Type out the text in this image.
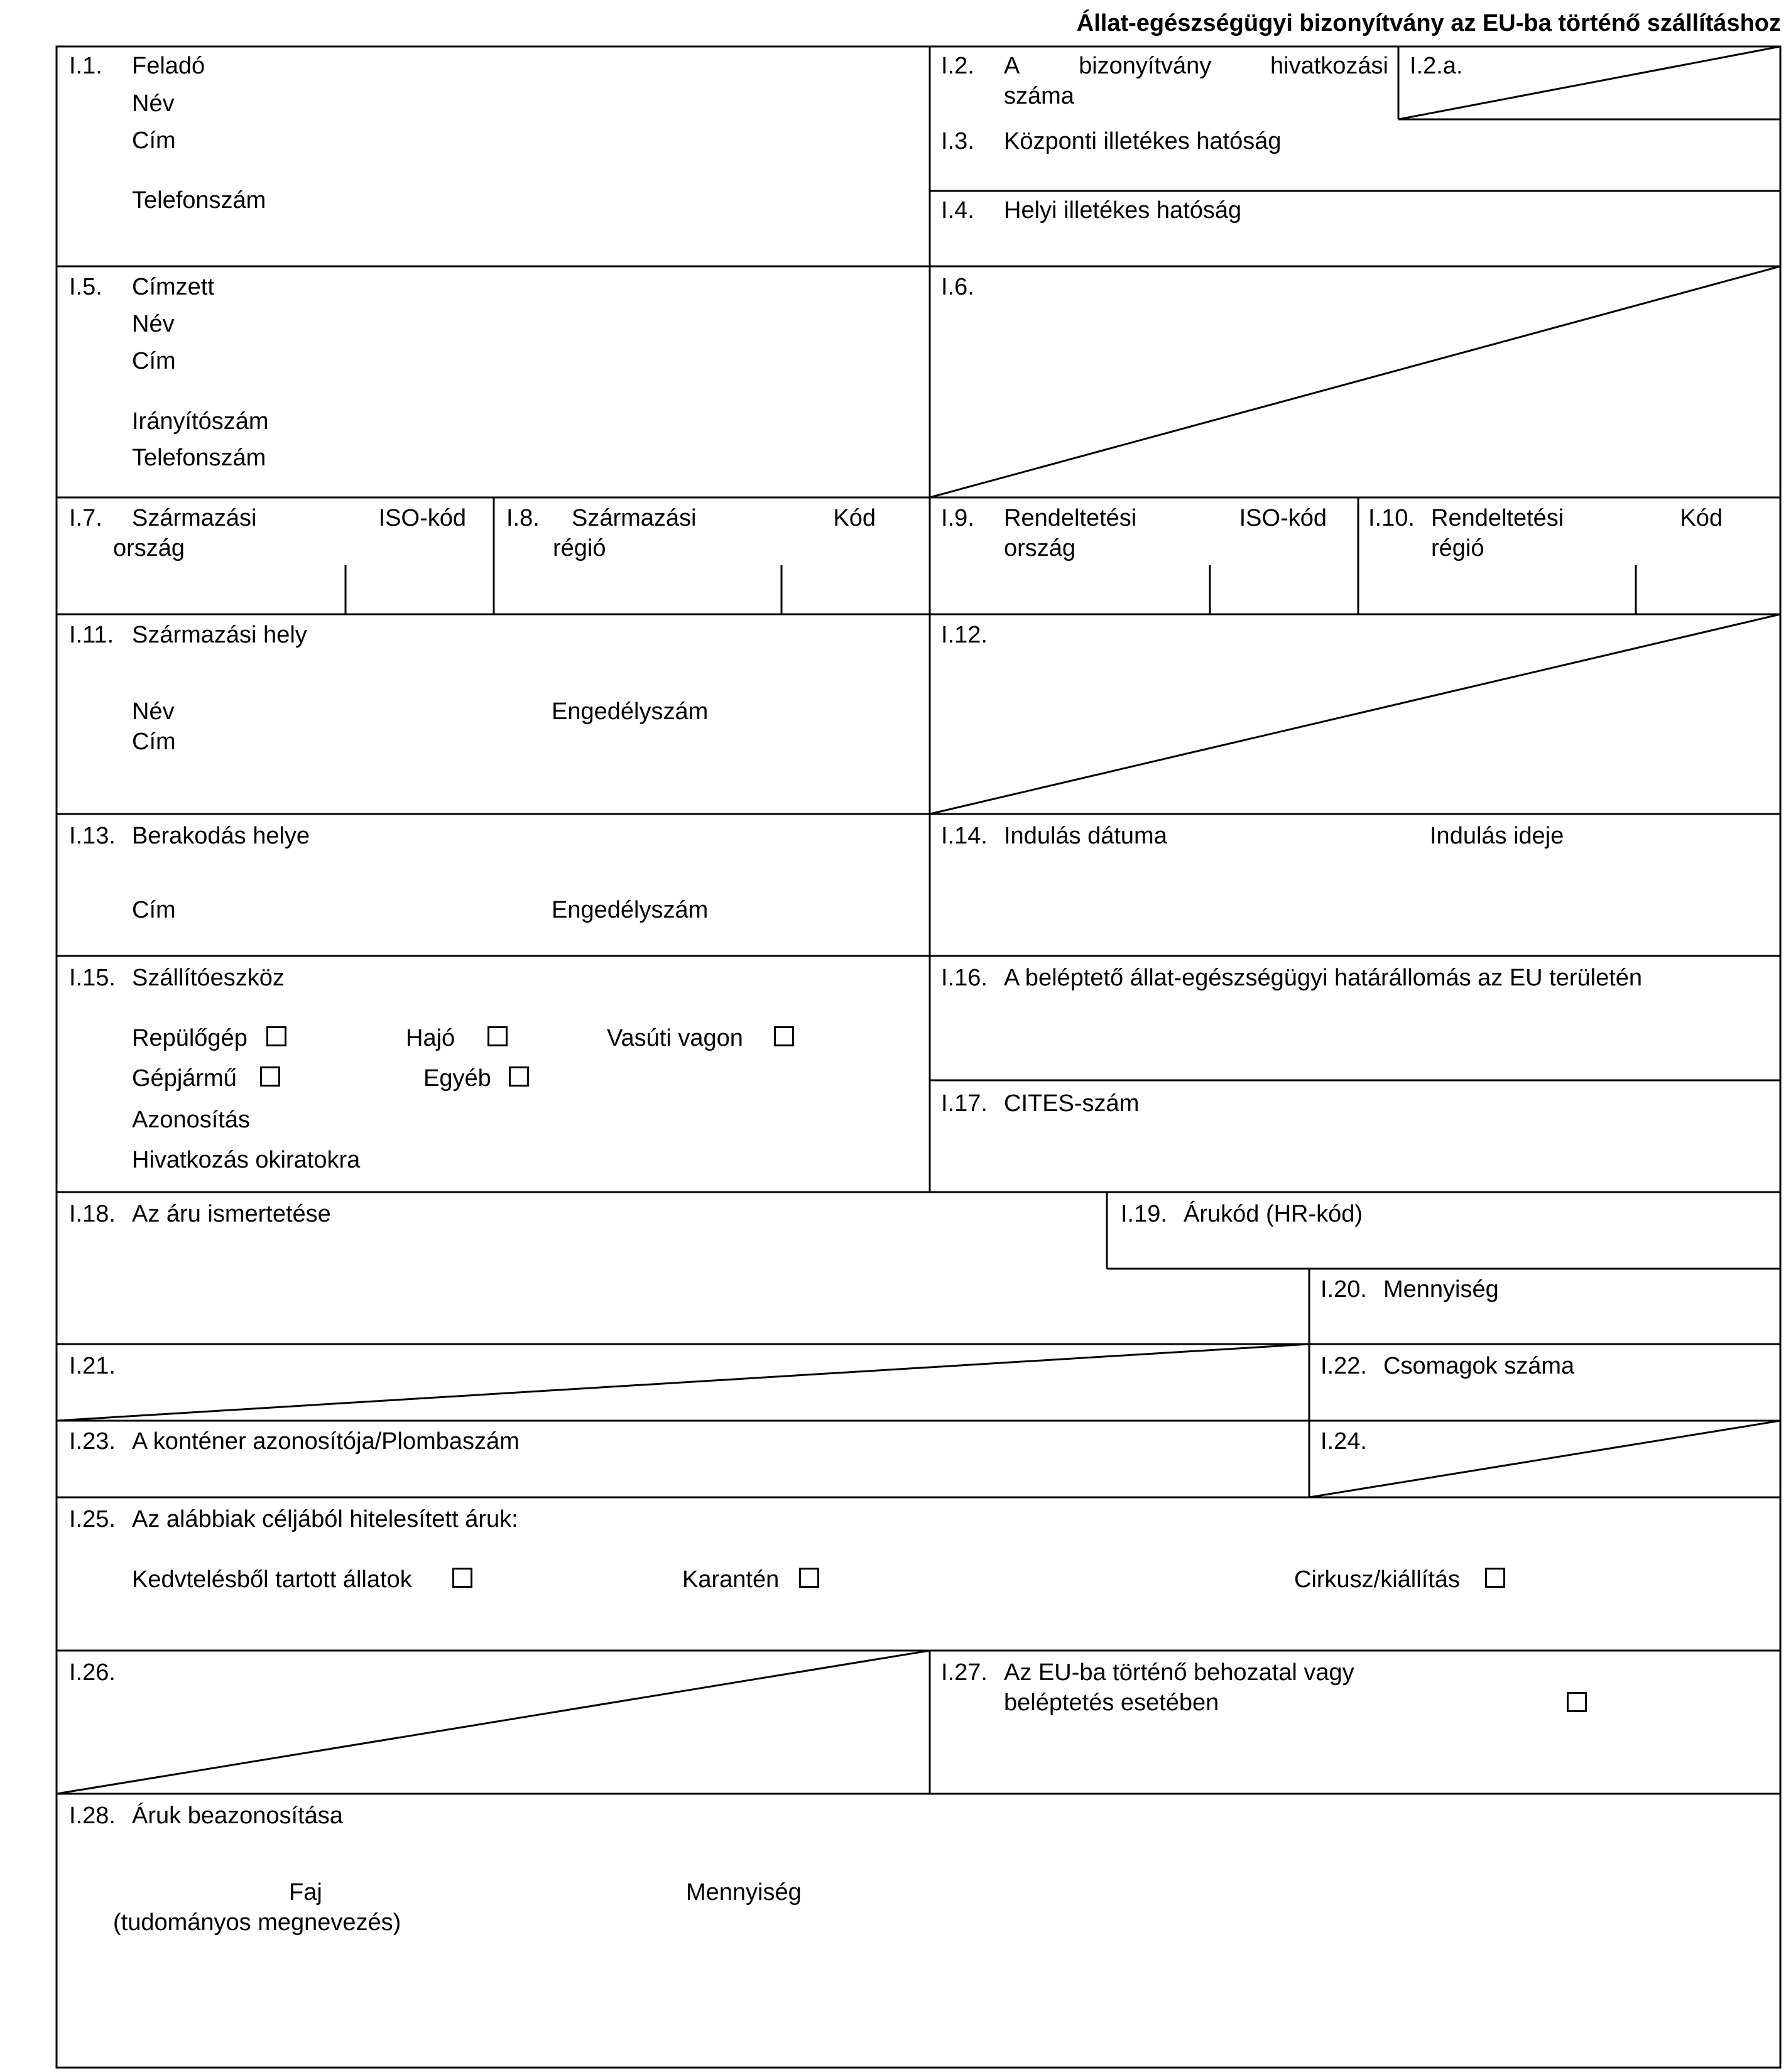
Állat-egészségügyi bizonyítvány az EU-ba történő szállításhoz
I.1. Feladó
Név
Cím
Telefonszám
I.2. A bizonyítvány hivatkozási
száma
I.2.a.
I.3. Központi illetékes hatóság
I.4. Helyi illetékes hatóság
I.5. Címzett
Név
Cím
Irányítószám
Telefonszám
I.6.
I.7. Származási	ISO-kód
ország
I.8. Származási	Kód
régió
I.9. Rendeltetési	ISO-kód
ország
I.10. Rendeltetési	Kód
régió
I.11. Származási hely
Név	Engedélyszám
Cím
I.12.
I.13. Berakodás helye
Cím	Engedélyszám
I.14. Indulás dátuma	Indulás ideje
I.15. Szállítóeszköz
Repülőgép	Hajó	Vasúti vagon
Gépjármű	Egyéb
Azonosítás
Hivatkozás okiratokra
I.16. A beléptető állat-egészségügyi határállomás az EU területén
I.17. CITES-szám
I.18. Az áru ismertetése	I.19. Árukód (HR-kód)
I.20. Mennyiség
I.21.	I.22. Csomagok száma
I.23. A konténer azonosítója/Plombaszám	I.24.
I.25. Az alábbiak céljából hitelesített áruk:
Kedvtelésből tartott állatok	Karantén	Cirkusz/kiállítás
I.26.	I.27. Az EU-ba történő behozatal vagy
beléptetés esetében
I.28. Áruk beazonosítása
Faj
(tudományos megnevezés)
Mennyiség
